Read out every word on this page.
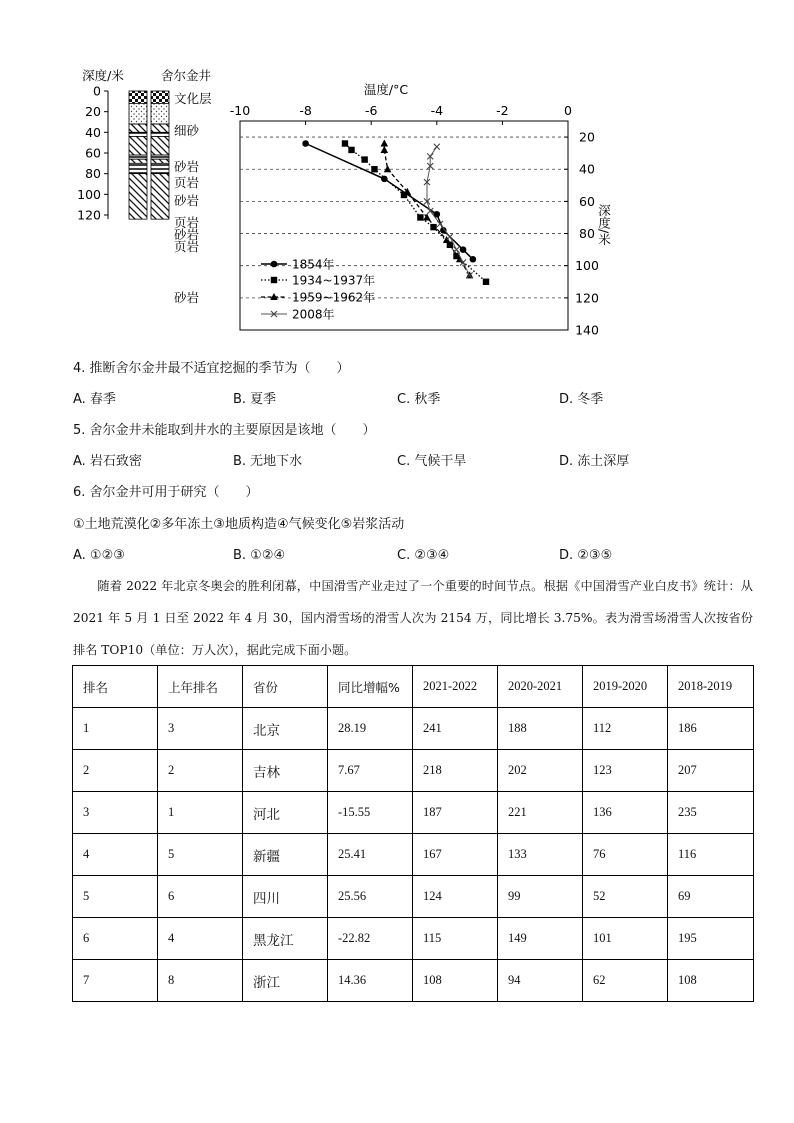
深度/米	舍尔金井
0
20
40
60
80
100
120
文化层
细砂
砂岩
页岩
砂岩
页岩
砂岩
页岩
砂岩
温度/°C
-10	-8	-6	-4	-2	0
20
40
60
80
100
120
140
深度/米
1854年
1934~1937年
1959~1962年
2008年
4. 推断舍尔金井最不适宜挖掘的季节为（　　）
A. 春季	B. 夏季	C. 秋季	D. 冬季
5. 舍尔金井未能取到井水的主要原因是该地（　　）
A. 岩石致密	B. 无地下水	C. 气候干旱	D. 冻土深厚
6. 舍尔金井可用于研究（　　）
①土地荒漠化②多年冻土③地质构造④气候变化⑤岩浆活动
A. ①②③	B. ①②④	C. ②③④	D. ②③⑤
随着 2022 年北京冬奥会的胜利闭幕，中国滑雪产业走过了一个重要的时间节点。根据《中国滑雪产业白皮书》统计：从 2021 年 5 月 1 日至 2022 年 4 月 30，国内滑雪场的滑雪人次为 2154 万，同比增长 3.75%。表为滑雪场滑雪人次按省份排名 TOP10（单位：万人次），据此完成下面小题。
排名	上年排名	省份	同比增幅%	2021-2022	2020-2021	2019-2020	2018-2019
1	3	北京	28.19	241	188	112	186
2	2	吉林	7.67	218	202	123	207
3	1	河北	-15.55	187	221	136	235
4	5	新疆	25.41	167	133	76	116
5	6	四川	25.56	124	99	52	69
6	4	黑龙江	-22.82	115	149	101	195
7	8	浙江	14.36	108	94	62	108
